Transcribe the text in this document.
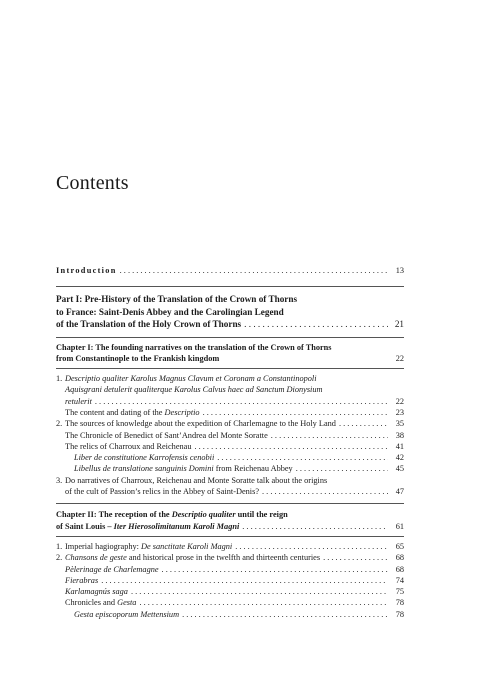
Contents
Introduction . . .	13
Part I: Pre-History of the Translation of the Crown of Thorns
to France: Saint-Denis Abbey and the Carolingian Legend
of the Translation of the Holy Crown of Thorns . . .	21
Chapter I: The founding narratives on the translation of the Crown of Thorns
from Constantinople to the Frankish kingdom	22
1. Descriptio qualiter Karolus Magnus Clavum et Coronam a Constantinopoli
Aquisgrani detulerit qualiterque Karolus Calvus haec ad Sanctum Dionysium
retulerit . . .	22
The content and dating of the Descriptio . . .	23
2. The sources of knowledge about the expedition of Charlemagne to the Holy Land . . .	35
The Chronicle of Benedict of Sant’Andrea del Monte Soratte . . .	38
The relics of Charroux and Reichenau . . .	41
Liber de constitutione Karrofensis cenobii . . .	42
Libellus de translatione sanguinis Domini from Reichenau Abbey . . .	45
3. Do narratives of Charroux, Reichenau and Monte Soratte talk about the origins
of the cult of Passion’s relics in the Abbey of Saint-Denis? . . .	47
Chapter II: The reception of the Descriptio qualiter until the reign
of Saint Louis – Iter Hierosolimitanum Karoli Magni . . .	61
1. Imperial hagiography: De sanctitate Karoli Magni . . .	65
2. Chansons de geste and historical prose in the twelfth and thirteenth centuries . . .	68
Pèlerinage de Charlemagne . . .	68
Fierabras . . .	74
Karlamagnús saga . . .	75
Chronicles and Gesta . . .	78
Gesta episcoporum Mettensium . . .	78
